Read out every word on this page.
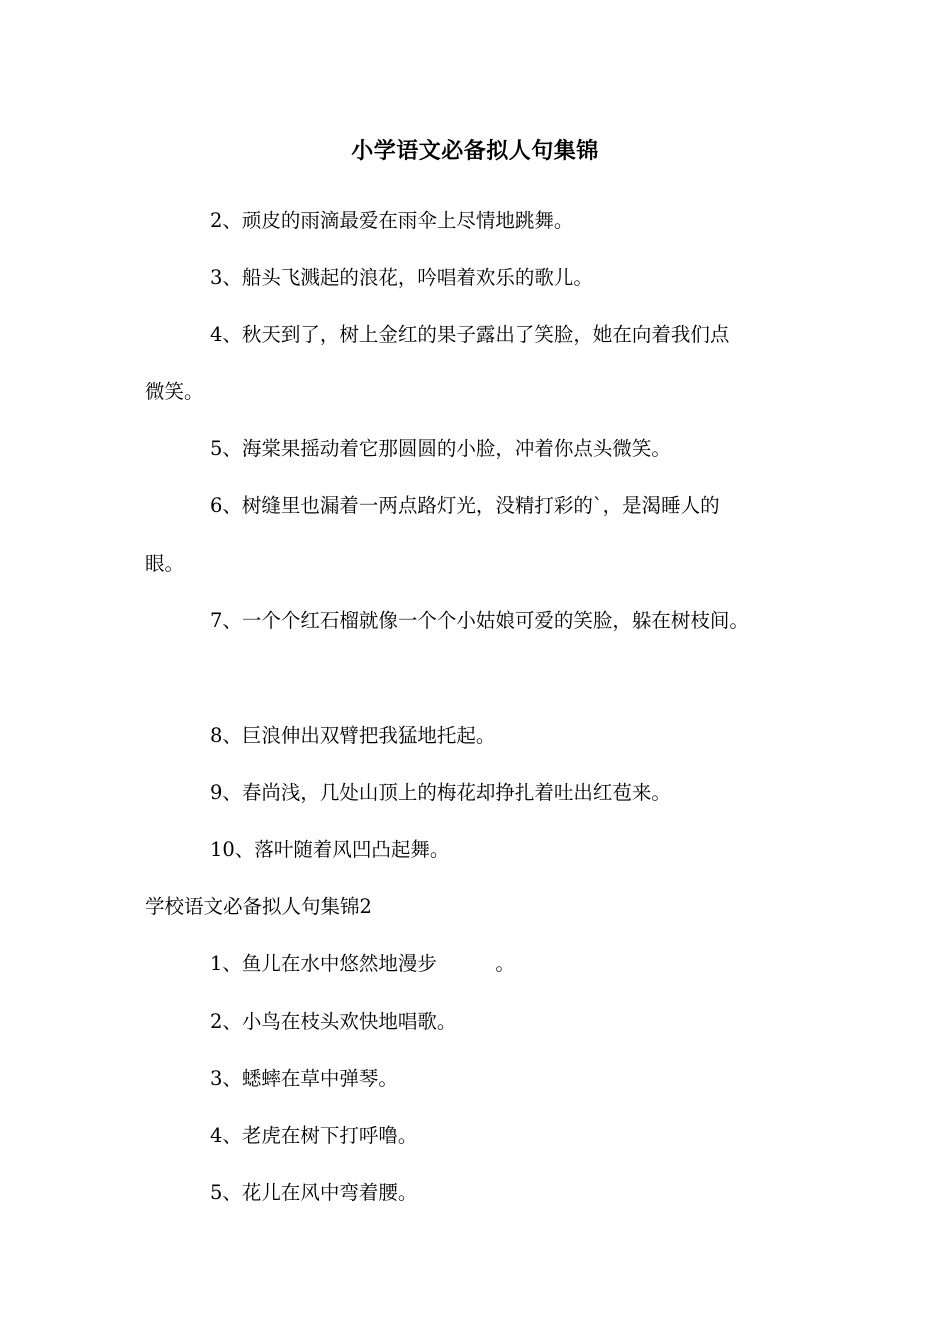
小学语文必备拟人句集锦
2、顽皮的雨滴最爱在雨伞上尽情地跳舞。
3、船头飞溅起的浪花，吟唱着欢乐的歌儿。
4、秋天到了，树上金红的果子露出了笑脸，她在向着我们点
微笑。
5、海棠果摇动着它那圆圆的小脸，冲着你点头微笑。
6、树缝里也漏着一两点路灯光，没精打彩的`，是渴睡人的
眼。
7、一个个红石榴就像一个个小姑娘可爱的笑脸，躲在树枝间。
8、巨浪伸出双臂把我猛地托起。
9、春尚浅，几处山顶上的梅花却挣扎着吐出红苞来。
10、落叶随着风凹凸起舞。
学校语文必备拟人句集锦2
1、鱼儿在水中悠然地漫步　　　。
2、小鸟在枝头欢快地唱歌。
3、蟋蟀在草中弹琴。
4、老虎在树下打呼噜。
5、花儿在风中弯着腰。
